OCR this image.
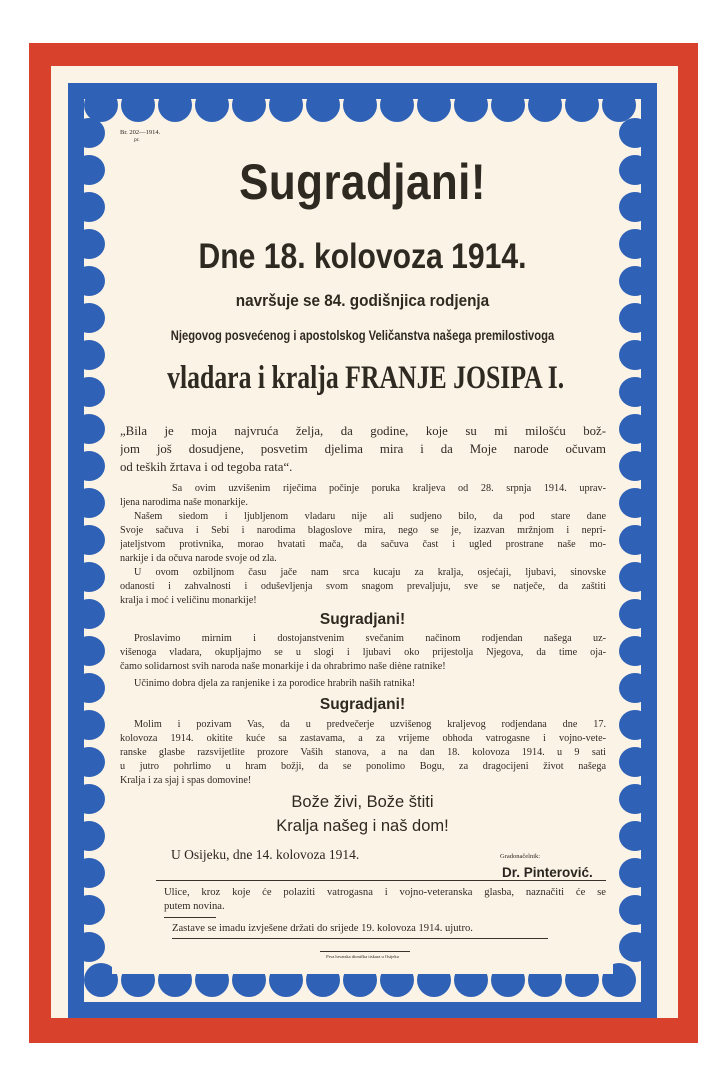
Br. 202—1914.
pr.
Sugradjani!
Dne 18. kolovoza 1914.
navršuje se 84. godišnjica rodjenja
Njegovog posvećenog i apostolskog Veličanstva našega premilostivoga
vladara i kralja FRANJE JOSIPA I.
„Bila je moja najvruća želja, da godine, koje su mi milošću bož-
jom još dosudjene, posvetim djelima mira i da Moje narode očuvam
od teških žrtava i od tegoba rata“.
Sa ovim uzvišenim riječima počinje poruka kraljeva od 28. srpnja 1914. uprav-
ljena narodima naše monarkije.
Našem siedom i ljubljenom vladaru nije ali sudjeno bilo, da pod stare dane
Svoje sačuva i Sebi i narodima blagoslove mira, nego se je, izazvan mržnjom i nepri-
jateljstvom protivnika, morao hvatati mača, da sačuva čast i ugled prostrane naše mo-
narkije i da očuva narode svoje od zla.
U ovom ozbiljnom času jače nam srca kucaju za kralja, osjećaji, ljubavi, sinovske
odanosti i zahvalnosti i oduševljenja svom snagom prevaljuju, sve se natječe, da zaštiti
kralja i moć i veličinu monarkije!
Sugradjani!
Proslavimo mirnim i dostojanstvenim svečanim načinom rodjendan našega uz-
višenoga vladara, okupljajmo se u slogi i ljubavi oko prijestolja Njegova, da time oja-
čamo solidarnost svih naroda naše monarkije i da ohrabrimo naše diène ratnike!
Učinimo dobra djela za ranjenike i za porodice hrabrih naših ratnika!
Sugradjani!
Molim i pozivam Vas, da u predvečerje uzvišenog kraljevog rodjendana dne 17.
kolovoza 1914. okitite kuće sa zastavama, a za vrijeme obhoda vatrogasne i vojno-vete-
ranske glasbe razsvijetlite prozore Vaših stanova, a na dan 18. kolovoza 1914. u 9 sati
u jutro pohrlimo u hram božji, da se ponolimo Bogu, za dragocijeni život našega
Kralja i za sjaj i spas domovine!
Bože živi, Bože štiti
Kralja našeg i naš dom!
U Osijeku, dne 14. kolovoza 1914.	Gradonačelnik:
Dr. Pinterović.
Ulice, kroz koje će polaziti vatrogasna i vojno-veteranska glasba, naznačiti će se
putem novina.
Zastave se imadu izvješene držati do srijede 19. kolovoza 1914. ujutro.
Prva hrvatska dionička tiskara u Osijeku
